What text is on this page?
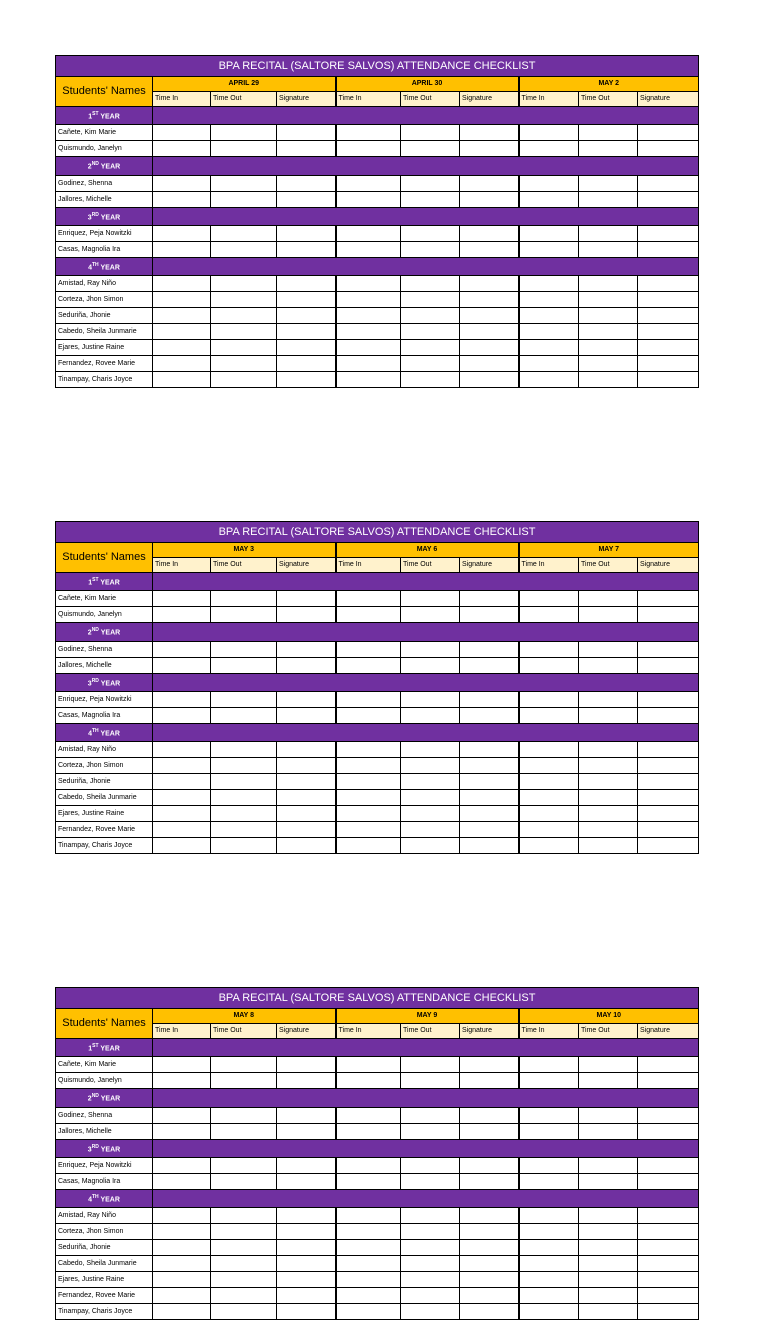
BPA RECITAL (SALTORE SALVOS) ATTENDANCE CHECKLIST									
Students' Names	APRIL 29			APRIL 30			MAY 2		
	Time In	Time Out	Signature	Time In	Time Out	Signature	Time In	Time Out	Signature
1ST YEAR									
Cañete, Kim Marie									
Quismundo, Janelyn									
2ND YEAR									
Godinez, Shenna									
Jallores, Michelle									
3RD YEAR									
Enriquez, Peja Nowitzki									
Casas, Magnolia Ira									
4TH YEAR									
Amistad, Ray Niño									
Corteza, Jhon Simon									
Seduriña, Jhonie									
Cabedo, Sheila Junmarie									
Ejares, Justine Raine									
Fernandez, Rovee Marie									
Tinampay, Charis Joyce									
BPA RECITAL (SALTORE SALVOS) ATTENDANCE CHECKLIST									
Students' Names	MAY 3			MAY 6			MAY 7		
	Time In	Time Out	Signature	Time In	Time Out	Signature	Time In	Time Out	Signature
1ST YEAR									
Cañete, Kim Marie									
Quismundo, Janelyn									
2ND YEAR									
Godinez, Shenna									
Jallores, Michelle									
3RD YEAR									
Enriquez, Peja Nowitzki									
Casas, Magnolia Ira									
4TH YEAR									
Amistad, Ray Niño									
Corteza, Jhon Simon									
Seduriña, Jhonie									
Cabedo, Sheila Junmarie									
Ejares, Justine Raine									
Fernandez, Rovee Marie									
Tinampay, Charis Joyce									
BPA RECITAL (SALTORE SALVOS) ATTENDANCE CHECKLIST									
Students' Names	MAY 8			MAY 9			MAY 10		
	Time In	Time Out	Signature	Time In	Time Out	Signature	Time In	Time Out	Signature
1ST YEAR									
Cañete, Kim Marie									
Quismundo, Janelyn									
2ND YEAR									
Godinez, Shenna									
Jallores, Michelle									
3RD YEAR									
Enriquez, Peja Nowitzki									
Casas, Magnolia Ira									
4TH YEAR									
Amistad, Ray Niño									
Corteza, Jhon Simon									
Seduriña, Jhonie									
Cabedo, Sheila Junmarie									
Ejares, Justine Raine									
Fernandez, Rovee Marie									
Tinampay, Charis Joyce									
